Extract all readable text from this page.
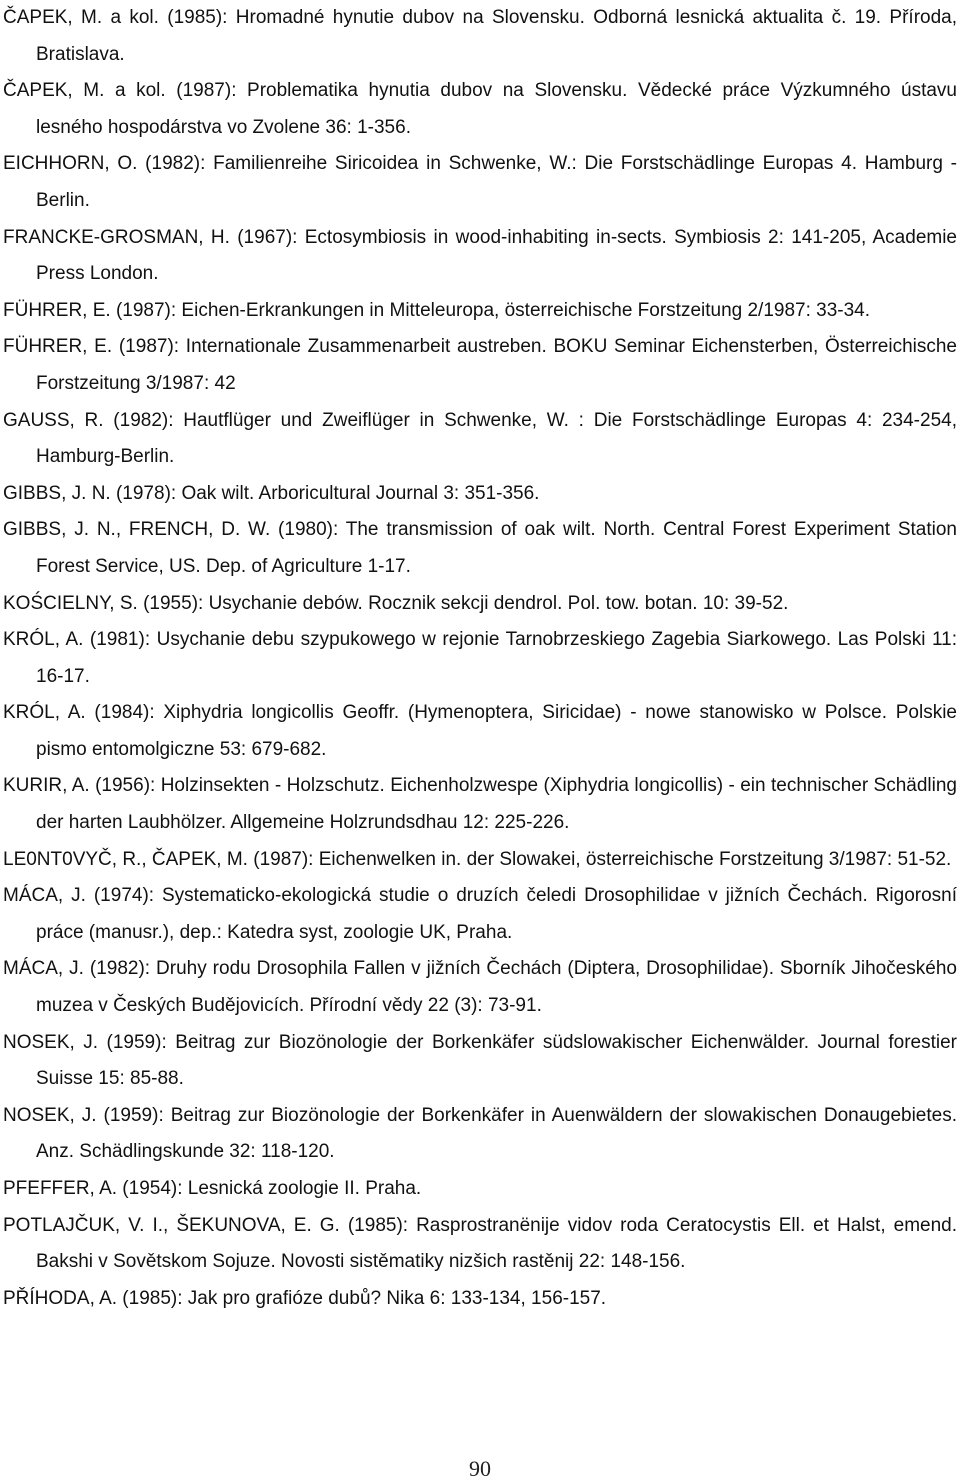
ČAPEK, M. a kol. (1985): Hromadné hynutie dubov na Slovensku. Odborná lesnická aktualita č. 19. Příroda, Bratislava.

ČAPEK, M. a kol. (1987): Problematika hynutia dubov na Slovensku. Vědecké práce Výzkumného ústavu lesného hospodárstva vo Zvolene 36: 1-356.

EICHHORN, O. (1982): Familienreihe Siricoidea in Schwenke, W.: Die Forstschädlinge Europas 4. Hamburg - Berlin.

FRANCKE-GROSMAN, H. (1967): Ectosymbiosis in wood-inhabiting in-sects. Symbiosis 2: 141-205, Academie Press London.

FÜHRER, E. (1987): Eichen-Erkrankungen in Mitteleuropa, österreichische Forstzeitung 2/1987: 33-34.

FÜHRER, E. (1987): Internationale Zusammenarbeit austreben. BOKU Seminar Eichensterben, Österreichische Forstzeitung 3/1987: 42

GAUSS, R. (1982): Hautflüger und Zweiflüger in Schwenke, W. : Die Forstschädlinge Europas 4: 234-254, Hamburg-Berlin.

GIBBS, J. N. (1978): Oak wilt. Arboricultural Journal 3: 351-356.

GIBBS, J. N., FRENCH, D. W. (1980): The transmission of oak wilt. North. Central Forest Experiment Station Forest Service, US. Dep. of Agriculture 1-17.

KOŚCIELNY, S. (1955): Usychanie debów. Rocznik sekcji dendrol. Pol. tow. botan. 10: 39-52.

KRÓL, A. (1981): Usychanie debu szypukowego w rejonie Tarnobrzeskiego Zagebia Siarkowego. Las Polski 11: 16-17.

KRÓL, A. (1984): Xiphydria longicollis Geoffr. (Hymenoptera, Siricidae) - nowe stanowisko w Polsce. Polskie pismo entomolgiczne 53: 679-682.

KURIR, A. (1956): Holzinsekten - Holzschutz. Eichenholzwespe (Xiphydria longicollis) - ein technischer Schädling der harten Laubhölzer. Allgemeine Holzrundsdhau 12: 225-226.

LE0NT0VYČ, R., ČAPEK, M. (1987): Eichenwelken in. der Slowakei, österreichische Forstzeitung 3/1987: 51-52.

MÁCA, J. (1974): Systematicko-ekologická studie o druzích čeledi Drosophilidae v jižních Čechách. Rigorosní práce (manusr.), dep.: Katedra syst, zoologie UK, Praha.

MÁCA, J. (1982): Druhy rodu Drosophila Fallen v jižních Čechách (Diptera, Drosophilidae). Sborník Jihočeského muzea v Českých Budějovicích. Přírodní vědy 22 (3): 73-91.

NOSEK, J. (1959): Beitrag zur Biozönologie der Borkenkäfer südslowakischer Eichenwälder. Journal forestier Suisse 15: 85-88.

NOSEK, J. (1959): Beitrag zur Biozönologie der Borkenkäfer in Auenwäldern der slowakischen Donaugebietes. Anz. Schädlingskunde 32: 118-120.

PFEFFER, A. (1954): Lesnická zoologie II. Praha.

POTLAJČUK, V. I., ŠEKUNOVA, E. G. (1985): Rasprostranënije vidov roda Ceratocystis Ell. et Halst, emend. Bakshi v Sovětskom Sojuze. Novosti sistěmatiky nizšich rastěnij 22: 148-156.

PŘÍHODA, A. (1985): Jak pro grafióze dubů? Nika 6: 133-134, 156-157.

90
